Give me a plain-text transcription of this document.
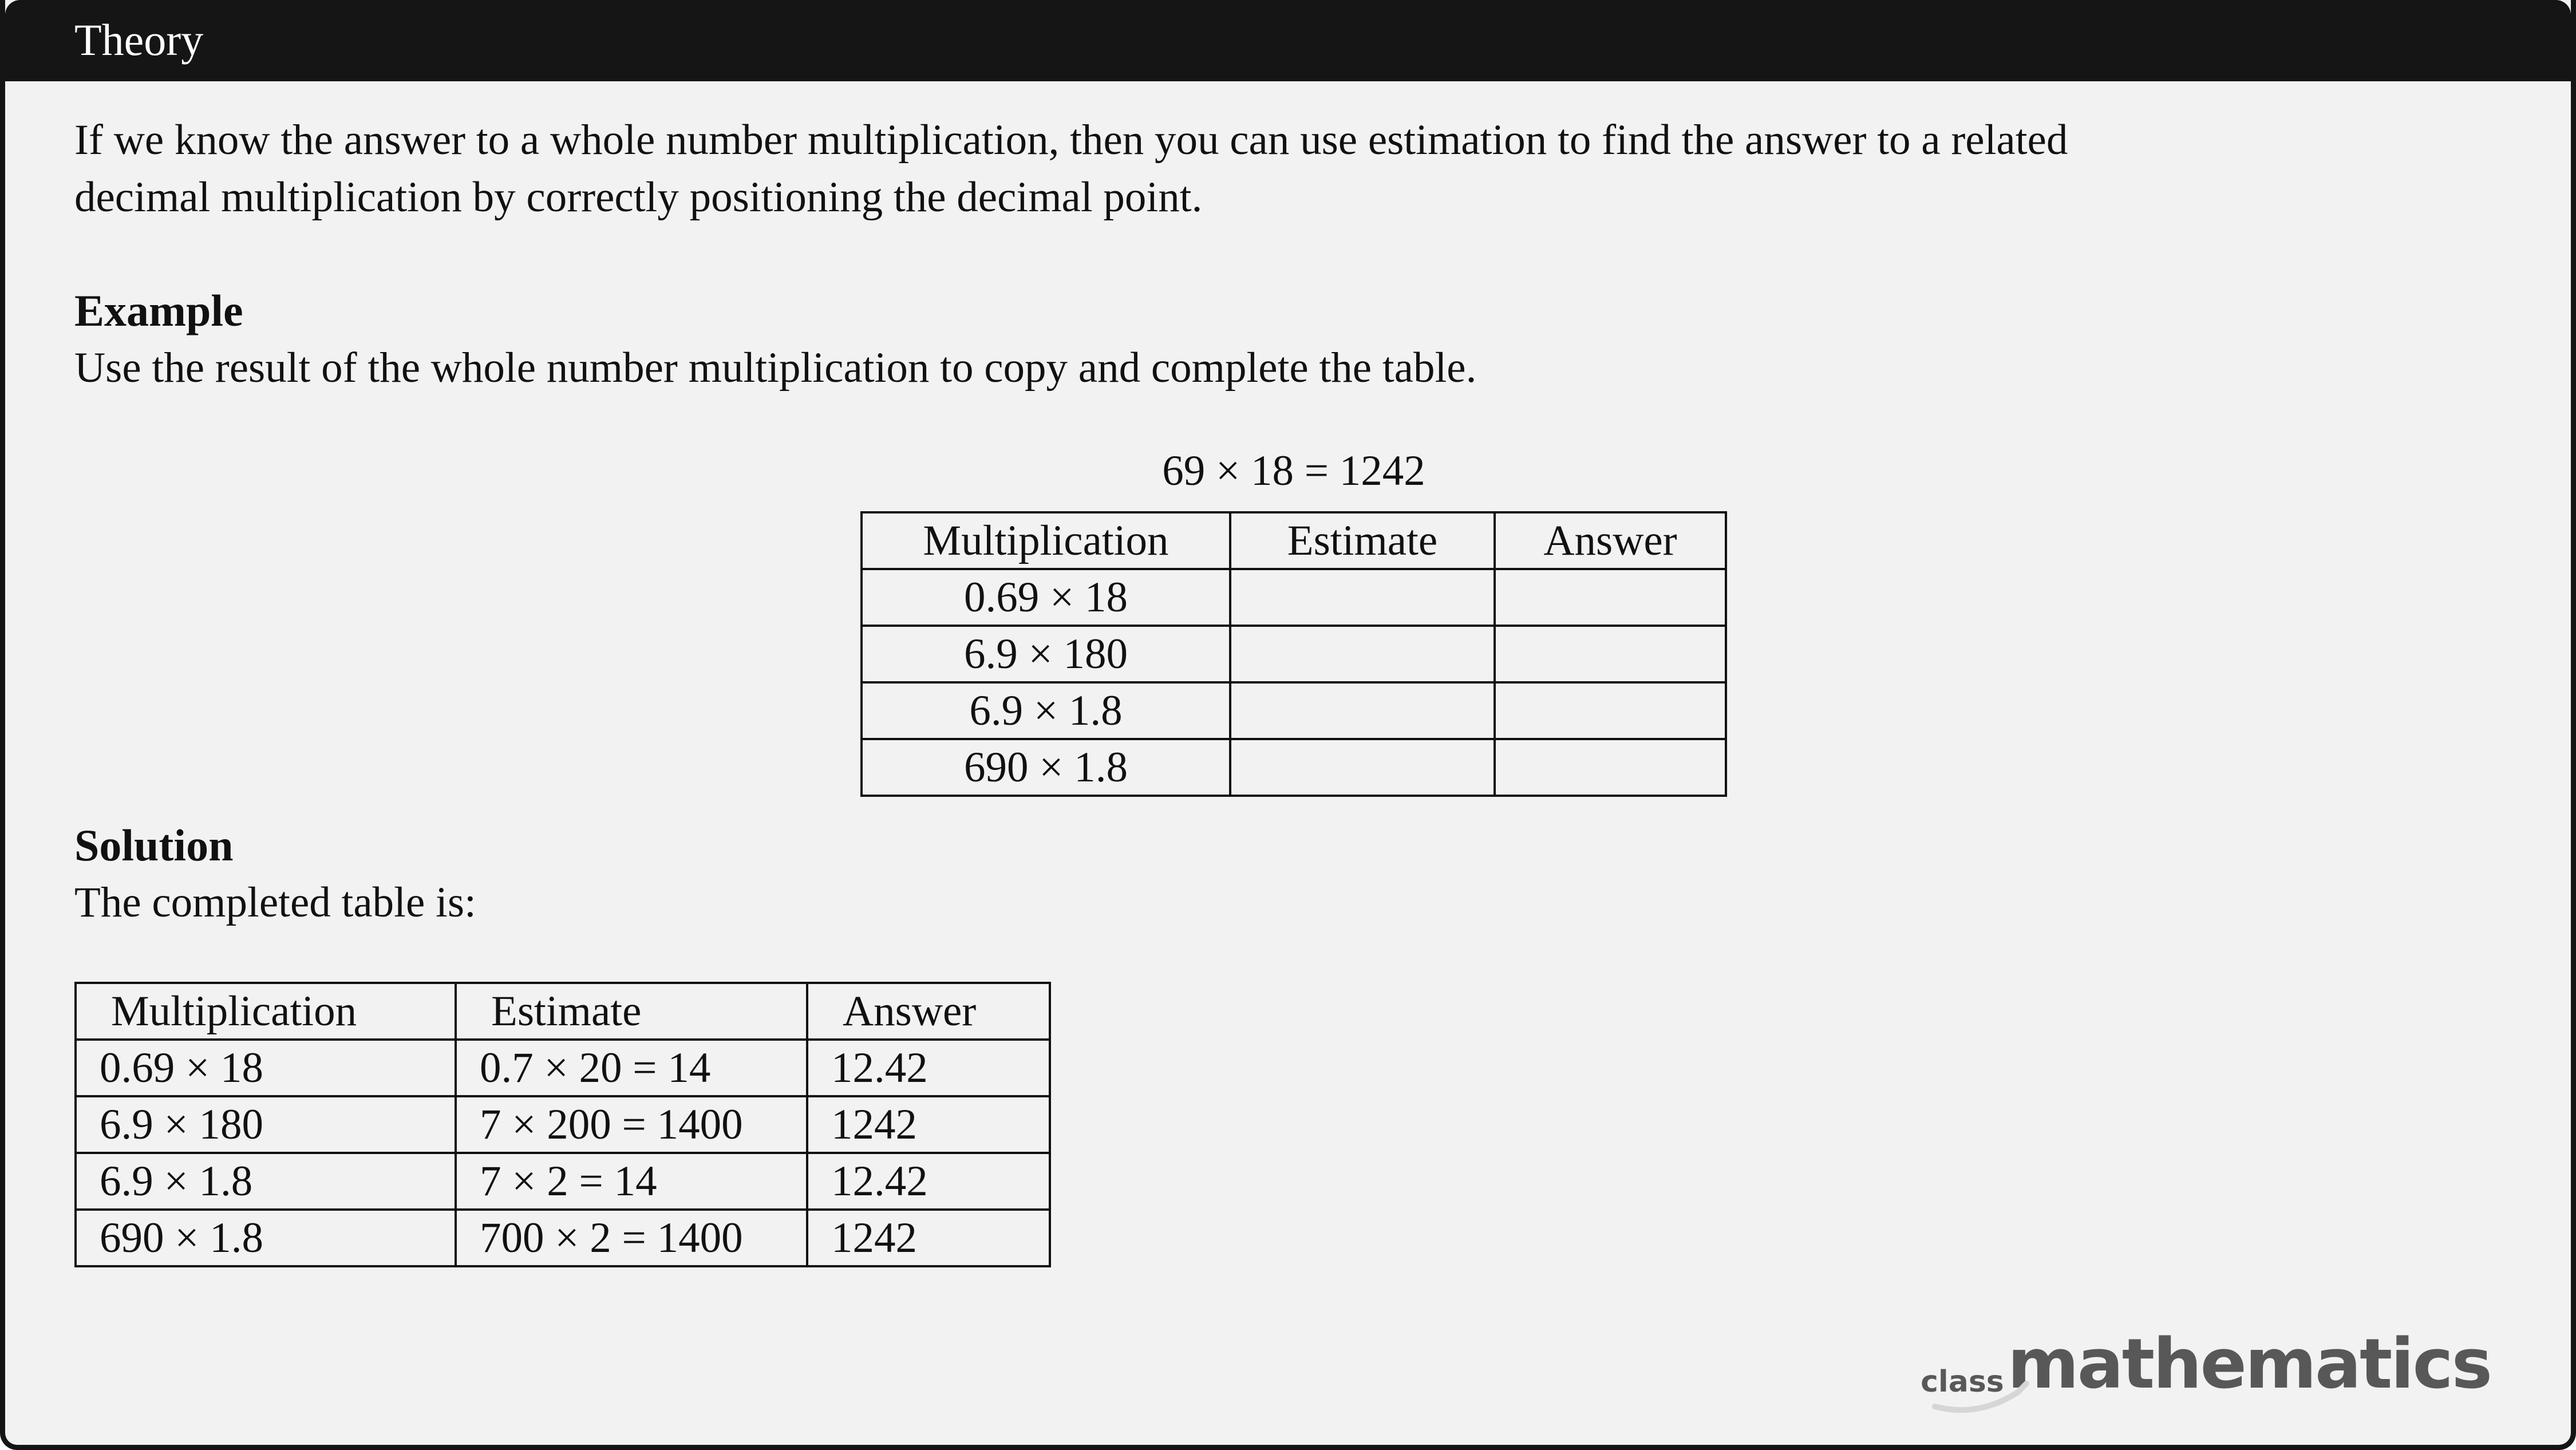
Theory

If we know the answer to a whole number multiplication, then you can use estimation to find the answer to a related

decimal multiplication by correctly positioning the decimal point.

Example

Use the result of the whole number multiplication to copy and complete the table.

69 × 18 = 1242
Multiplication	Estimate	Answer
0.69 × 18		
6.9 × 180		
6.9 × 1.8		
690 × 1.8		

Solution

The completed table is:

Multiplication	Estimate	Answer
0.69 × 18	0.7 × 20 = 14	12.42
6.9 × 180	7 × 200 = 1400	1242
6.9 × 1.8	7 × 2 = 14	12.42
690 × 1.8	700 × 2 = 1400	1242
class mathematics
